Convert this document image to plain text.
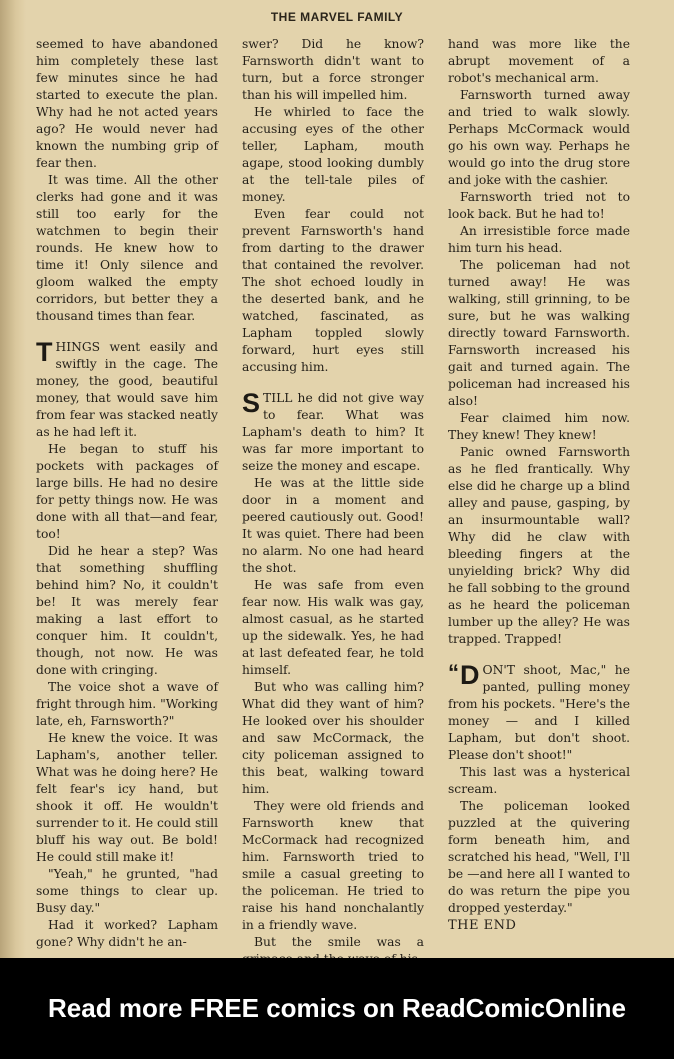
THE MARVEL FAMILY

seemed to have abandoned him completely these last few minutes since he had started to execute the plan. Why had he not acted years ago? He would never had known the numbing grip of fear then.

It was time. All the other clerks had gone and it was still too early for the watchmen to begin their rounds. He knew how to time it! Only silence and gloom walked the empty corridors, but better they a thousand times than fear.

THINGS went easily and swiftly in the cage. The money, the good, beautiful money, that would save him from fear was stacked neatly as he had left it.

He began to stuff his pockets with packages of large bills. He had no desire for petty things now. He was done with all that—and fear, too!

Did he hear a step? Was that something shuffling behind him? No, it couldn't be! It was merely fear making a last effort to conquer him. It couldn't, though, not now. He was done with cringing.

The voice shot a wave of fright through him. "Working late, eh, Farnsworth?"

He knew the voice. It was Lapham's, another teller. What was he doing here? He felt fear's icy hand, but shook it off. He wouldn't surrender to it. He could still bluff his way out. Be bold! He could still make it!

"Yeah," he grunted, "had some things to clear up. Busy day."

Had it worked? Lapham gone? Why didn't he an-

swer? Did he know? Farnsworth didn't want to turn, but a force stronger than his will impelled him.

He whirled to face the accusing eyes of the other teller, Lapham, mouth agape, stood looking dumbly at the tell-tale piles of money.

Even fear could not prevent Farnsworth's hand from darting to the drawer that contained the revolver. The shot echoed loudly in the deserted bank, and he watched, fascinated, as Lapham toppled slowly forward, hurt eyes still accusing him.

STILL he did not give way to fear. What was Lapham's death to him? It was far more important to seize the money and escape.

He was at the little side door in a moment and peered cautiously out. Good! It was quiet. There had been no alarm. No one had heard the shot.

He was safe from even fear now. His walk was gay, almost casual, as he started up the sidewalk. Yes, he had at last defeated fear, he told himself.

But who was calling him? What did they want of him? He looked over his shoulder and saw McCormack, the city policeman assigned to this beat, walking toward him.

They were old friends and Farnsworth knew that McCormack had recognized him. Farnsworth tried to smile a casual greeting to the policeman. He tried to raise his hand nonchalantly in a friendly wave.

But the smile was a

hand was more like the abrupt movement of a robot's mechanical arm.

Farnsworth turned away and tried to walk slowly. Perhaps McCormack would go his own way. Perhaps he would go into the drug store and joke with the cashier.

Farnsworth tried not to look back. But he had to!

An irresistible force made him turn his head.

The policeman had not turned away! He was walking, still grinning, to be sure, but he was walking directly toward Farnsworth. Farnsworth increased his gait and turned again. The policeman had increased his also!

Fear claimed him now. They knew! They knew!

Panic owned Farnsworth as he fled frantically. Why else did he charge up a blind alley and pause, gasping, by an insurmountable wall? Why did he claw with bleeding fingers at the unyielding brick? Why did he fall sobbing to the ground as he heard the policeman lumber up the alley? He was trapped. Trapped!

“ D ON'T shoot, Mac," he panted, pulling money from his pockets. "Here's the money — and I killed Lapham, but don't shoot. Please don't shoot!"

This last was a hysterical scream.

The policeman looked puzzled at the quivering form beneath him, and scratched his head, "Well, I'll be —and here all I wanted to do was return the pipe you dropped yesterday."

THE END

Read more FREE comics on ReadComicOnline
